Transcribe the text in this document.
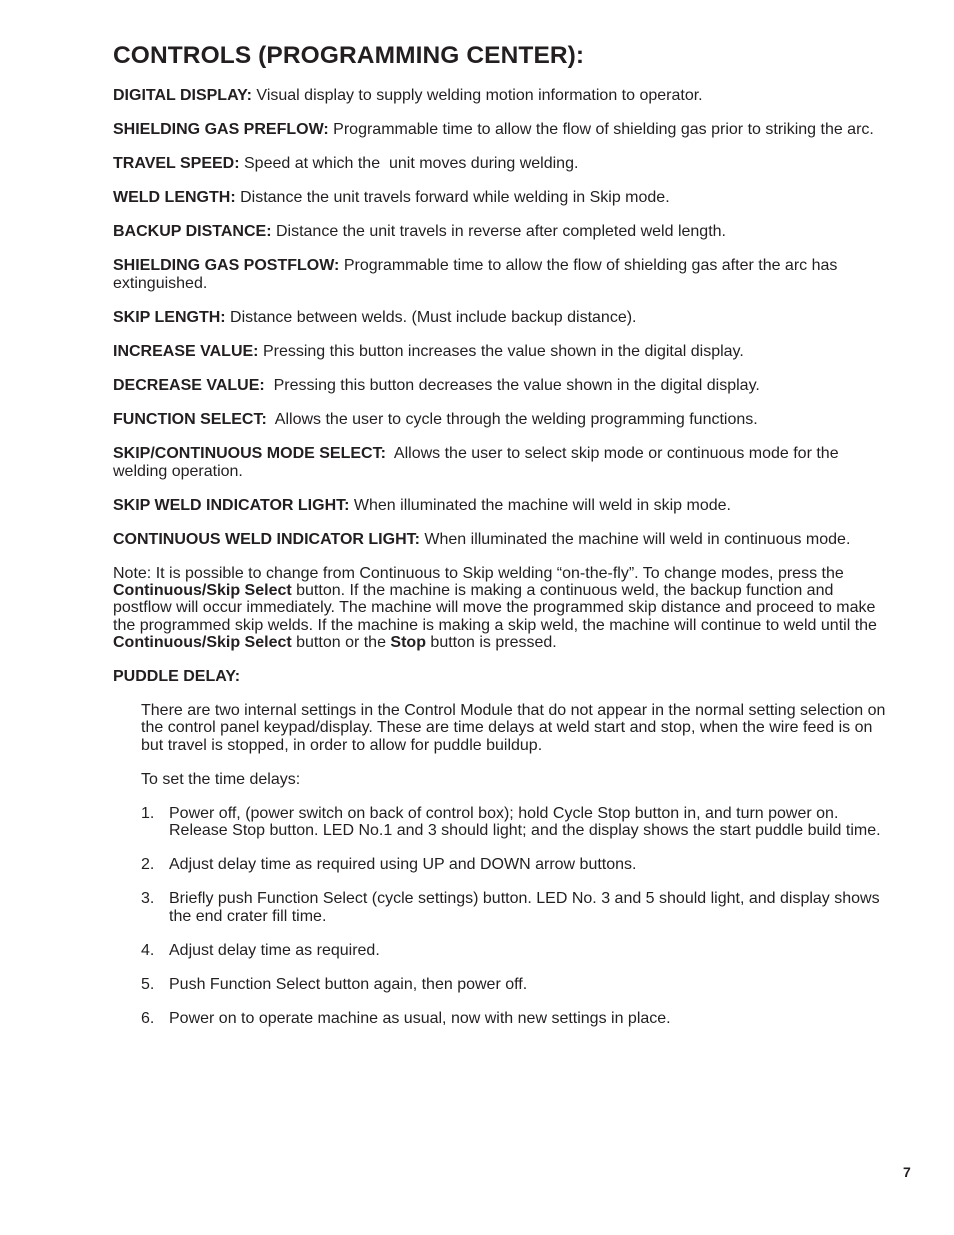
CONTROLS (PROGRAMMING CENTER):

DIGITAL DISPLAY: Visual display to supply welding motion information to operator.

SHIELDING GAS PREFLOW: Programmable time to allow the flow of shielding gas prior to striking the arc.

TRAVEL SPEED: Speed at which the  unit moves during welding.

WELD LENGTH: Distance the unit travels forward while welding in Skip mode.

BACKUP DISTANCE: Distance the unit travels in reverse after completed weld length.

SHIELDING GAS POSTFLOW: Programmable time to allow the flow of shielding gas after the arc has extinguished.

SKIP LENGTH: Distance between welds. (Must include backup distance).

INCREASE VALUE: Pressing this button increases the value shown in the digital display.

DECREASE VALUE:  Pressing this button decreases the value shown in the digital display.

FUNCTION SELECT:  Allows the user to cycle through the welding programming functions.

SKIP/CONTINUOUS MODE SELECT:  Allows the user to select skip mode or continuous mode for the welding operation.

SKIP WELD INDICATOR LIGHT: When illuminated the machine will weld in skip mode.

CONTINUOUS WELD INDICATOR LIGHT: When illuminated the machine will weld in continuous mode.

Note: It is possible to change from Continuous to Skip welding “on-the-fly”. To change modes, press the Continuous/Skip Select button. If the machine is making a continuous weld, the backup function and postflow will occur immediately. The machine will move the programmed skip distance and proceed to make the programmed skip welds. If the machine is making a skip weld, the machine will continue to weld until the Continuous/Skip Select button or the Stop button is pressed.

PUDDLE DELAY:

There are two internal settings in the Control Module that do not appear in the normal setting selection on the control panel keypad/display. These are time delays at weld start and stop, when the wire feed is on but travel is stopped, in order to allow for puddle buildup.

To set the time delays:

1. Power off, (power switch on back of control box); hold Cycle Stop button in, and turn power on. Release Stop button. LED No.1 and 3 should light; and the display shows the start puddle build time.
2. Adjust delay time as required using UP and DOWN arrow buttons.
3. Briefly push Function Select (cycle settings) button. LED No. 3 and 5 should light, and display shows the end crater fill time.
4. Adjust delay time as required.
5. Push Function Select button again, then power off.
6. Power on to operate machine as usual, now with new settings in place.
7
